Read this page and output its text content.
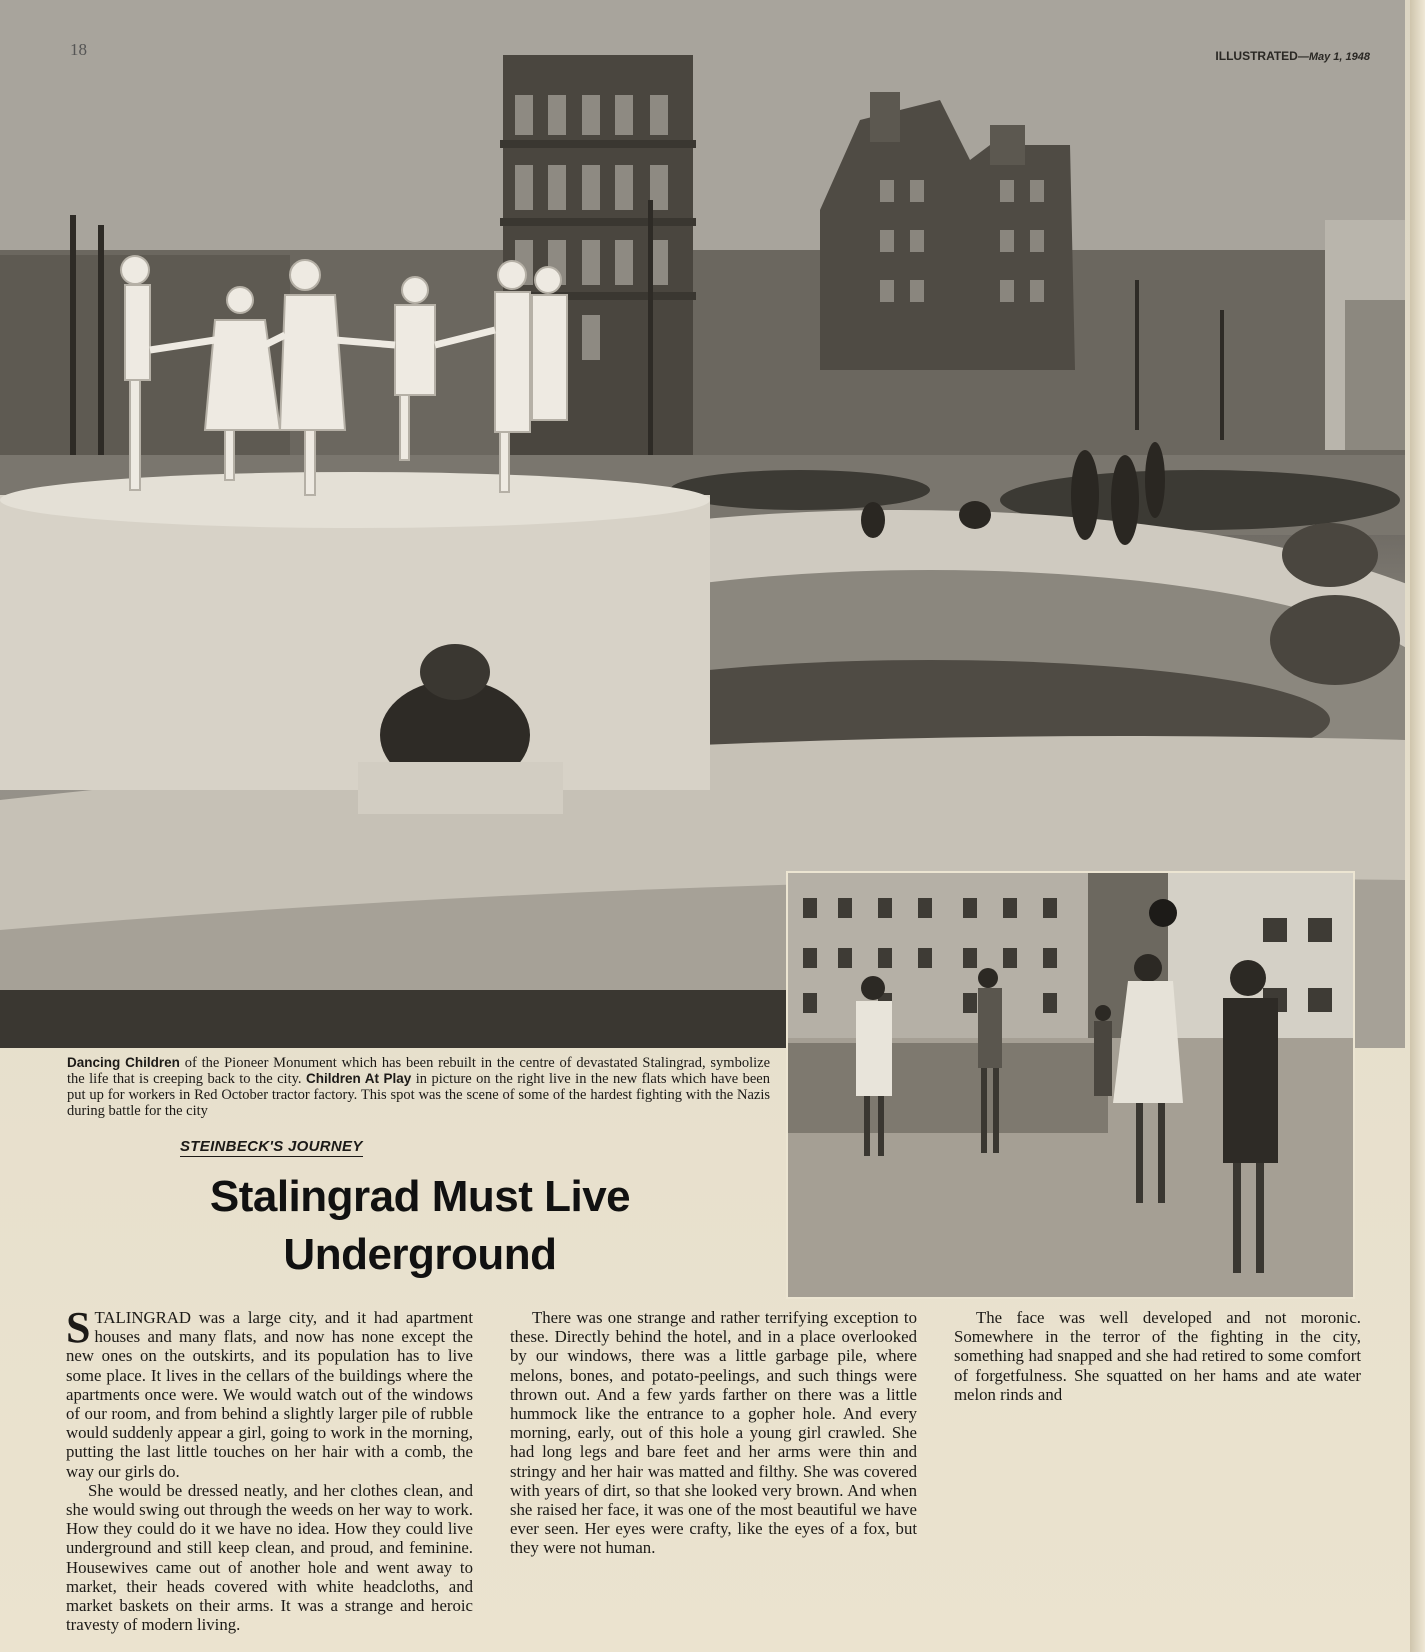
18	ILLUSTRATED—May 1, 1948
Dancing Children of the Pioneer Monument which has been rebuilt in the centre of devastated Stalingrad, symbolize the life that is creeping back to the city. Children At Play in picture on the right live in the new flats which have been put up for workers in Red October tractor factory. This spot was the scene of some of the hardest fighting with the Nazis during battle for the city
STEINBECK'S JOURNEY
Stalingrad Must Live
Underground

STALINGRAD was a large city, and it had apartment houses and many flats, and now has none except the new ones on the outskirts, and its population has to live some place. It lives in the cellars of the buildings where the apartments once were. We would watch out of the windows of our room, and from behind a slightly larger pile of rubble would suddenly appear a girl, going to work in the morning, putting the last little touches on her hair with a comb, the way our girls do.

She would be dressed neatly, and her clothes clean, and she would swing out through the weeds on her way to work. How they could do it we have no idea. How they could live underground and still keep clean, and proud, and feminine. Housewives came out of another hole and went away to market, their heads covered with white headcloths, and market baskets on their arms. It was a strange and heroic travesty of modern living.

There was one strange and rather terrifying exception to these. Directly behind the hotel, and in a place overlooked by our windows, there was a little garbage pile, where melons, bones, and potato-peelings, and such things were thrown out. And a few yards farther on there was a little hummock like the entrance to a gopher hole. And every morning, early, out of this hole a young girl crawled. She had long legs and bare feet and her arms were thin and stringy and her hair was matted and filthy. She was covered with years of dirt, so that she looked very brown. And when she raised her face, it was one of the most beautiful we have ever seen. Her eyes were crafty, like the eyes of a fox, but they were not human.

The face was well developed and not moronic. Somewhere in the terror of the fighting in the city, something had snapped and she had retired to some comfort of forgetfulness. She squatted on her hams and ate water melon rinds and
